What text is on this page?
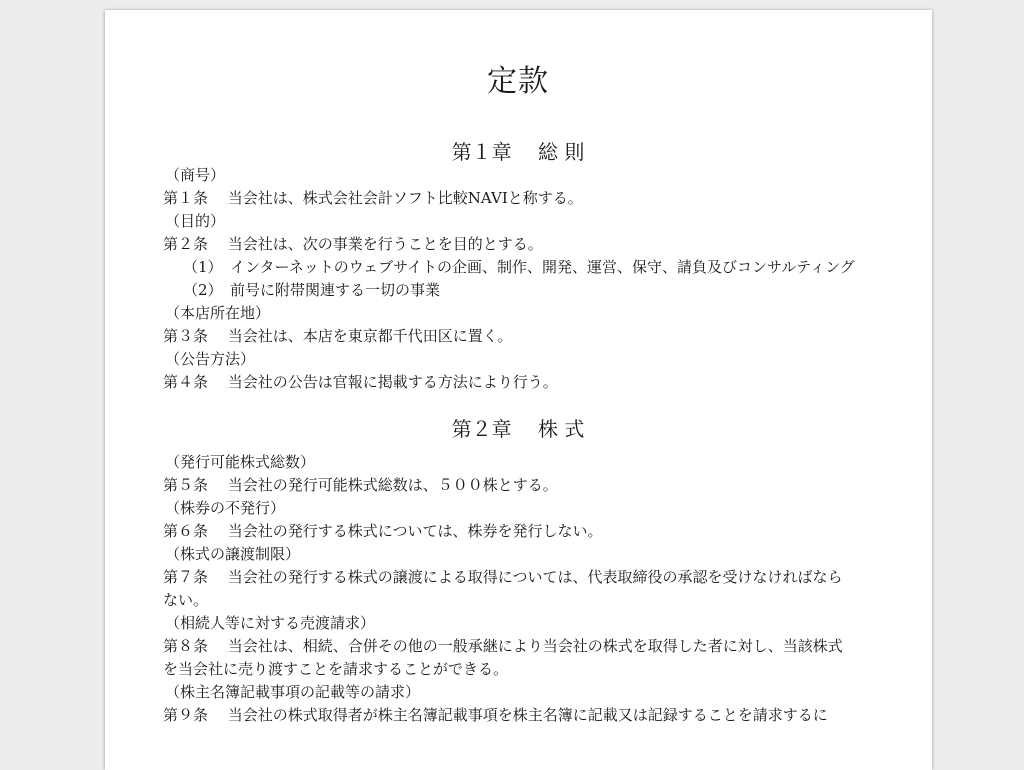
定款
第１章　 総 則
（商号）
第１条　 当会社は、株式会社会計ソフト比較NAVIと称する。
（目的）
第２条　 当会社は、次の事業を行うことを目的とする。
（1）　インターネットのウェブサイトの企画、制作、開発、運営、保守、請負及びコンサルティング
（2）　前号に附帯関連する一切の事業
（本店所在地）
第３条　 当会社は、本店を東京都千代田区に置く。
（公告方法）
第４条　 当会社の公告は官報に掲載する方法により行う。
第２章　 株 式
（発行可能株式総数）
第５条　 当会社の発行可能株式総数は、５００株とする。
（株券の不発行）
第６条　 当会社の発行する株式については、株券を発行しない。
（株式の譲渡制限）
第７条　 当会社の発行する株式の譲渡による取得については、代表取締役の承認を受けなければなら
ない。
（相続人等に対する売渡請求）
第８条　 当会社は、相続、合併その他の一般承継により当会社の株式を取得した者に対し、当該株式
を当会社に売り渡すことを請求することができる。
（株主名簿記載事項の記載等の請求）
第９条　 当会社の株式取得者が株主名簿記載事項を株主名簿に記載又は記録することを請求するに
